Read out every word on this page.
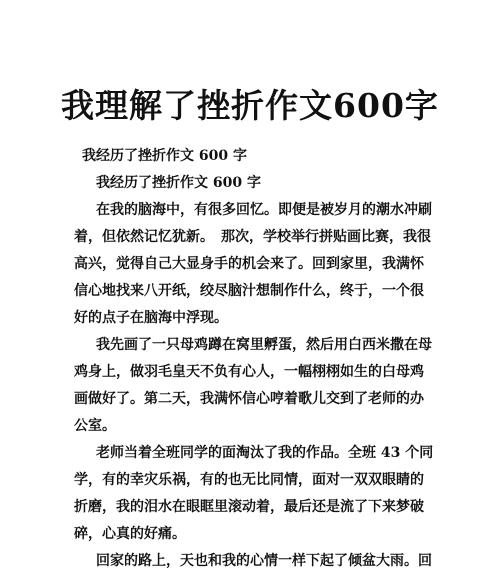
我理解了挫折作文600字
我经历了挫折作文 600 字
我经历了挫折作文 600 字
在我的脑海中，有很多回忆。即便是被岁月的潮水冲刷
着，但依然记忆犹新。　那次，学校举行拼贴画比赛，我很
高兴，觉得自己大显身手的机会来了。回到家里，我满怀
信心地找来八开纸，绞尽脑汁想制作什么，终于，一个很
好的点子在脑海中浮现。
我先画了一只母鸡蹲在窝里孵蛋，然后用白西米撒在母
鸡身上，做羽毛皇天不负有心人，一幅栩栩如生的白母鸡
画做好了。第二天，我满怀信心哼着歌儿交到了老师的办
公室。
老师当着全班同学的面淘汰了我的作品。全班 43 个同
学，有的幸灾乐祸，有的也无比同情，面对一双双眼睛的
折磨，我的泪水在眼眶里滚动着，最后还是流了下来梦破
碎，心真的好痛。
回家的路上，天也和我的心情一样下起了倾盆大雨。回
